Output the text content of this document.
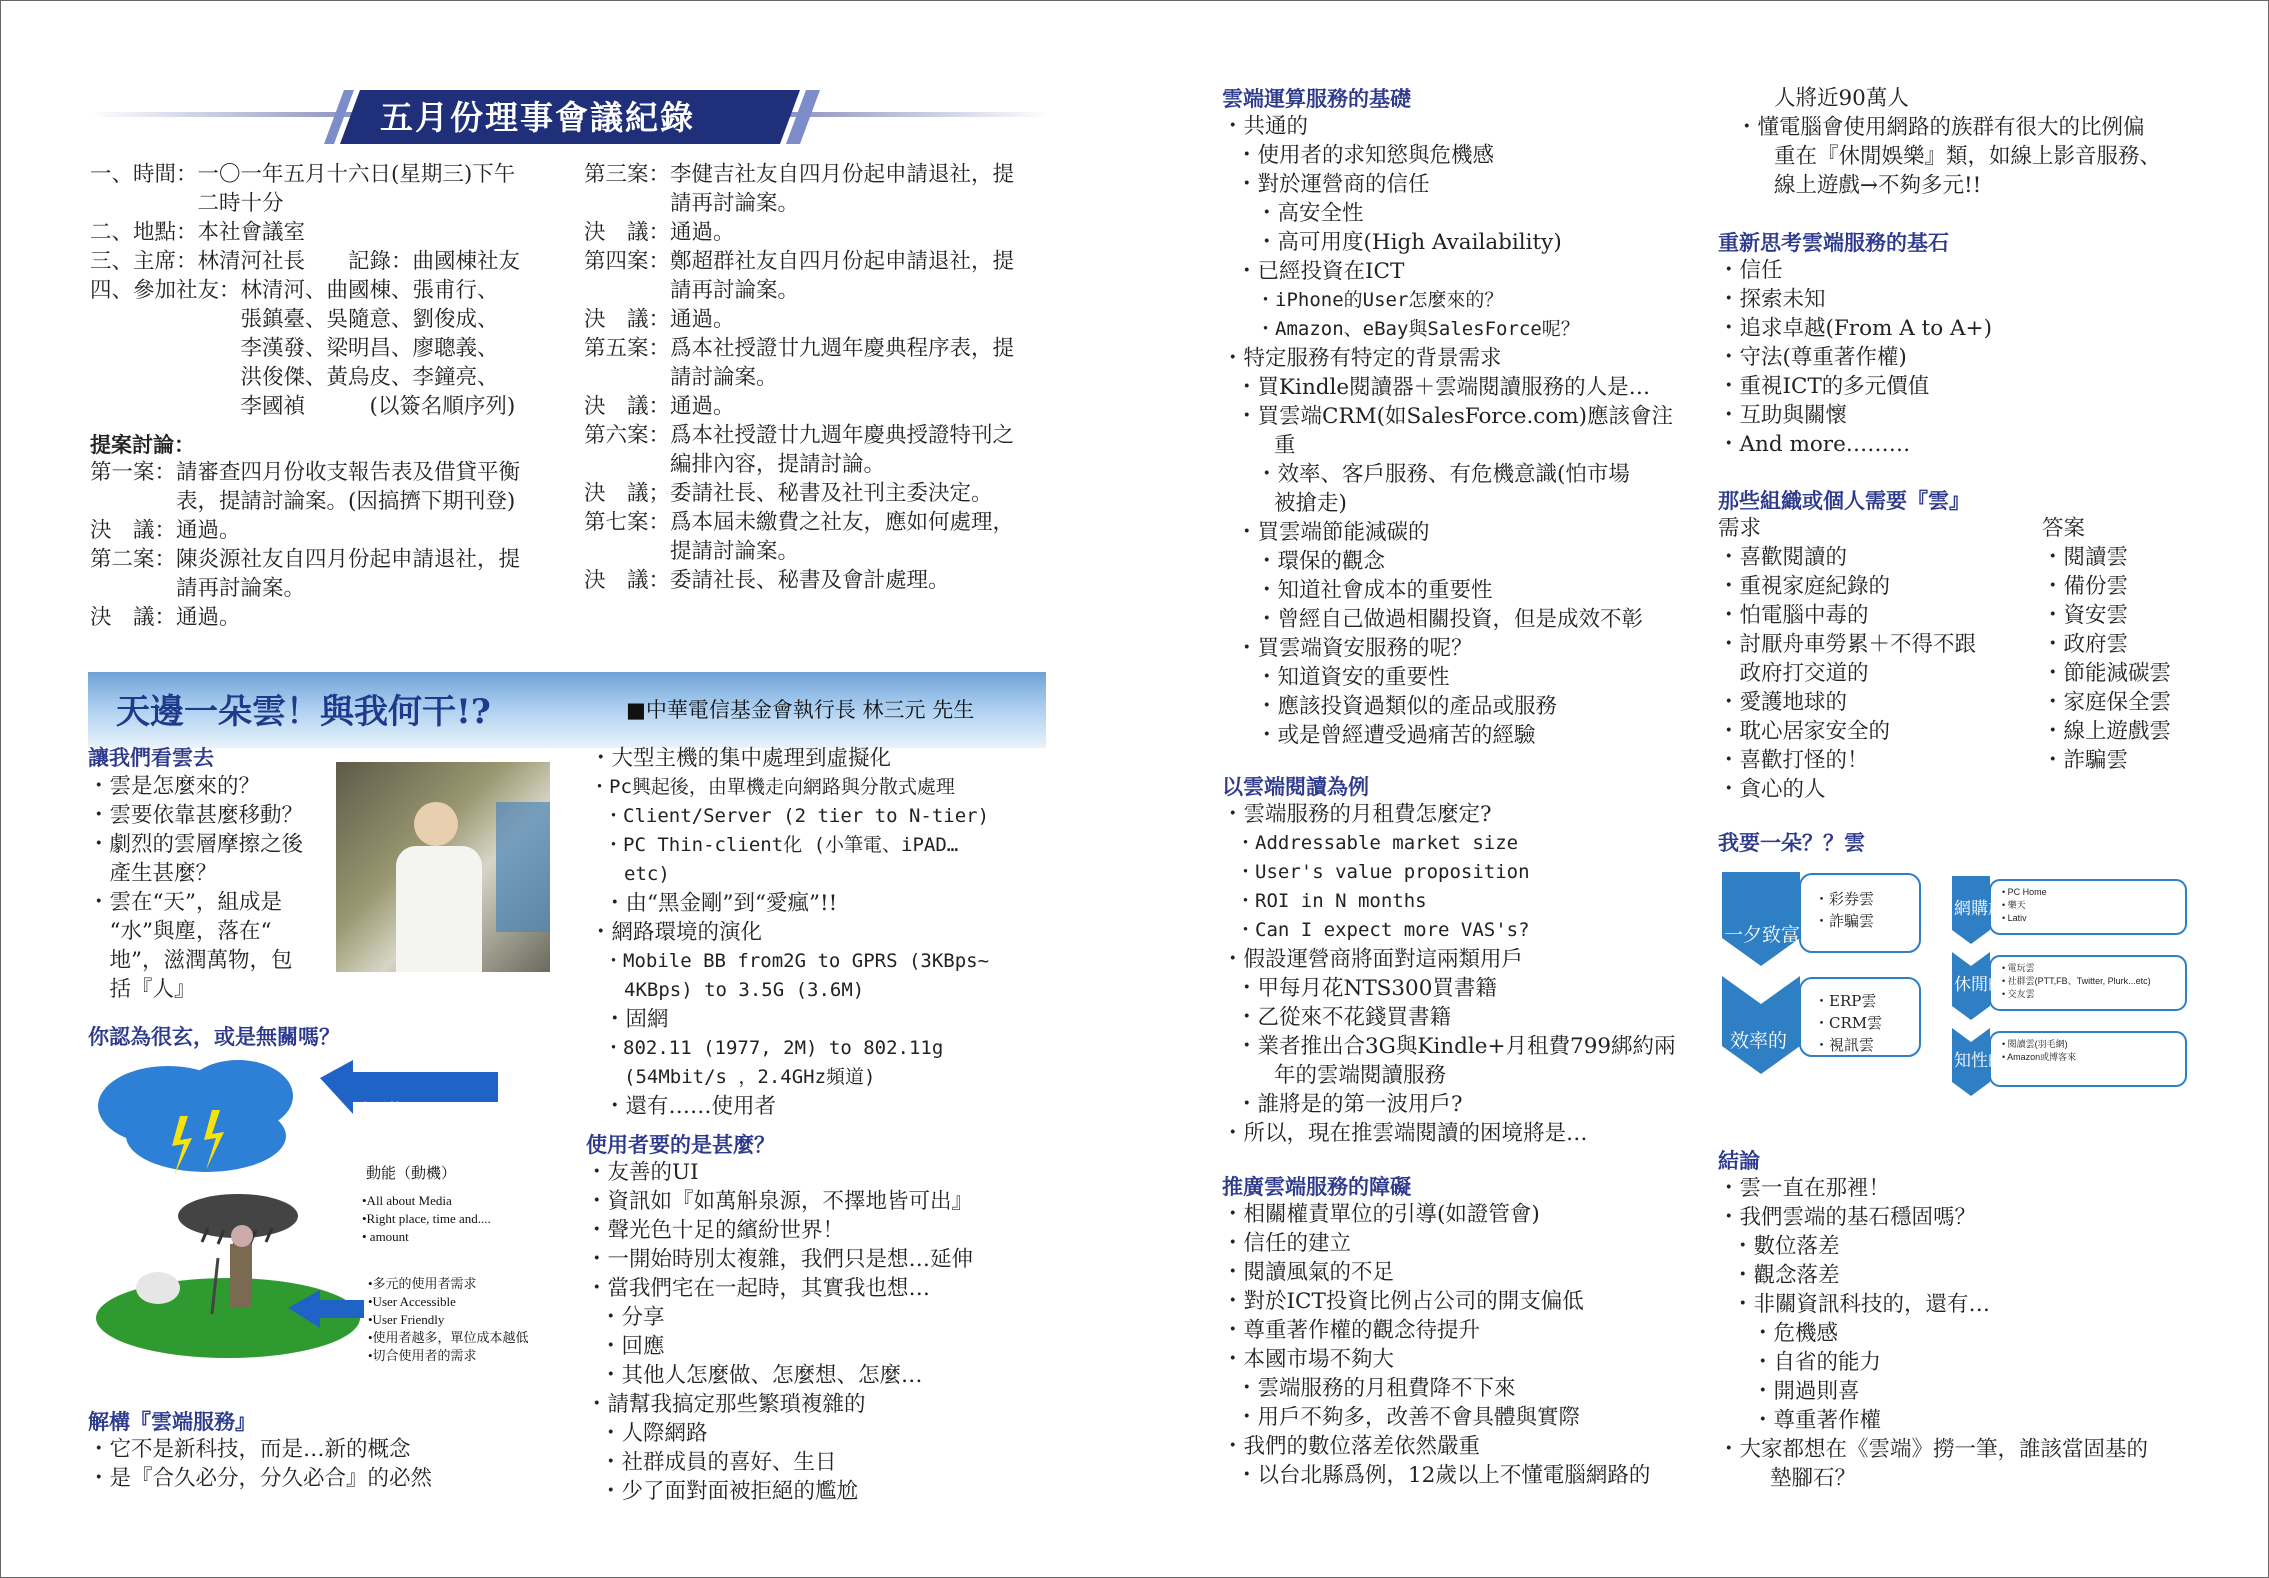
五月份理事會議紀錄
一、時間：一〇一年五月十六日(星期三)下午
　　　　　二時十分
二、地點：本社會議室
三、主席：林清河社長　　記錄：曲國棟社友
四、參加社友：林清河、曲國棟、張甫行、
　　　　　　　張鎮臺、吳隨意、劉俊成、
　　　　　　　李漢發、梁明昌、廖聰義、
　　　　　　　洪俊傑、黃烏皮、李鐘亮、
　　　　　　　李國禎　　　(以簽名順序列)
提案討論：
第一案：請審查四月份收支報告表及借貸平衡
　　　　表，提請討論案。(因搞擠下期刊登)
決　議：通過。
第二案：陳炎源社友自四月份起申請退社，提
　　　　請再討論案。
決　議：通過。
第三案：李健吉社友自四月份起申請退社，提
　　　　請再討論案。
決　議：通過。
第四案：鄭超群社友自四月份起申請退社，提
　　　　請再討論案。
決　議：通過。
第五案：爲本社授證廿九週年慶典程序表，提
　　　　請討論案。
決　議：通過。
第六案：爲本社授證廿九週年慶典授證特刊之
　　　　編排內容，提請討論。
決　議；委請社長、秘書及社刊主委決定。
第七案：爲本屆未繳費之社友，應如何處理，
　　　　提請討論案。
決　議：委請社長、秘書及會計處理。
天邊一朵雲！與我何干!?	■中華電信基金會執行長 林三元 先生
讓我們看雲去
・雲是怎麼來的？
・雲要依靠甚麼移動？
・劇烈的雲層摩擦之後
　產生甚麼？
・雲在“天”，組成是
　“水”與塵，落在“
　地”，滋潤萬物，包
　括『人』
你認為很玄，或是無關嗎？
多元的 Contents
動能（動機）
•All about Media
•Right place, time and....
• amount
•多元的使用者需求
•User Accessible
•User Friendly
•使用者越多，單位成本越低
•切合使用者的需求
解構『雲端服務』
・它不是新科技，而是…新的概念
・是『合久必分，分久必合』的必然
・大型主機的集中處理到虛擬化
・Pc興起後，由單機走向網路與分散式處理
・Client/Server (2 tier to N-tier)
・PC Thin-client化 (小筆電、iPAD…
etc)
・由“黑金剛”到“愛瘋”!!
・網路環境的演化
・Mobile BB from2G to GPRS (3KBps~
4KBps) to 3.5G (3.6M)
・固網
・802.11 (1977, 2M) to 802.11g
(54Mbit/s ，2.4GHz頻道)
・還有……使用者
使用者要的是甚麼？
・友善的UI
・資訊如『如萬斛泉源，不擇地皆可出』
・聲光色十足的繽紛世界！
・一開始時別太複雜，我們只是想…延伸
・當我們宅在一起時，其實我也想…
・分享
・回應
・其他人怎麼做、怎麼想、怎麼…
・請幫我搞定那些繁瑣複雜的
・人際網路
・社群成員的喜好、生日
・少了面對面被拒絕的尷尬
雲端運算服務的基礎
・共通的
・使用者的求知慾與危機感
・對於運營商的信任
・高安全性
・高可用度(High Availability)
・已經投資在ICT
・iPhone的User怎麼來的？
・Amazon、eBay與SalesForce呢？
・特定服務有特定的背景需求
・買Kindle閱讀器＋雲端閱讀服務的人是…
・買雲端CRM(如SalesForce.com)應該會注
重
・效率、客戶服務、有危機意識(怕市場
被搶走)
・買雲端節能減碳的
・環保的觀念
・知道社會成本的重要性
・曾經自己做過相關投資，但是成效不彰
・買雲端資安服務的呢？
・知道資安的重要性
・應該投資過類似的產品或服務
・或是曾經遭受過痛苦的經驗
以雲端閱讀為例
・雲端服務的月租費怎麼定?
・Addressable market size
・User's value proposition
・ROI in N months
・Can I expect more VAS's?
・假設運營商將面對這兩類用戶
・甲每月花NTS300買書籍
・乙從來不花錢買書籍
・業者推出合3G與Kindle+月租費799綁約兩
年的雲端閱讀服務
・誰將是的第一波用戶?
・所以，現在推雲端閱讀的困境將是…
推廣雲端服務的障礙
・相關權責單位的引導(如證管會)
・信任的建立
・閱讀風氣的不足
・對於ICT投資比例占公司的開支偏低
・尊重著作權的觀念待提升
・本國市場不夠大
・雲端服務的月租費降不下來
・用戶不夠多，改善不會具體與實際
・我們的數位落差依然嚴重
・以台北縣爲例，12歲以上不懂電腦網路的
人將近90萬人
・懂電腦會使用網路的族群有很大的比例偏
重在『休閒娛樂』類，如線上影音服務、
線上遊戲→不夠多元!!
重新思考雲端服務的基石
・信任
・探索未知
・追求卓越(From A to A+)
・守法(尊重著作權)
・重視ICT的多元價值
・互助與關懷
・And more………
那些組織或個人需要『雲』
需求	答案
・喜歡閱讀的
・重視家庭紀錄的
・怕電腦中毒的
・討厭舟車勞累＋不得不跟
　政府打交道的
・愛護地球的
・耽心居家安全的
・喜歡打怪的！
・貪心的人
・閱讀雲
・備份雲
・資安雲
・政府雲
・節能減碳雲
・家庭保全雲
・線上遊戲雲
・詐騙雲
我要一朵？？雲
結論
・雲一直在那裡！
・我們雲端的基石穩固嗎？
・數位落差
・觀念落差
・非關資訊科技的，還有…
・危機感
・自省的能力
・開過則喜
・尊重著作權
・大家都想在《雲端》撈一筆，誰該當固基的
墊腳石？
一夕致富
・彩券雲
・詐騙雲
效率的
・ERP雲
・CRM雲
・視訊雲
網購族
• PC Home
• 樂天
• Lativ
休閒的
• 電玩雲
• 社群雲(PTT,FB、Twitter, Plurk...etc)
• 交友雲
知性的
• 閱讀雲(羽毛網)
• Amazon或博客來
